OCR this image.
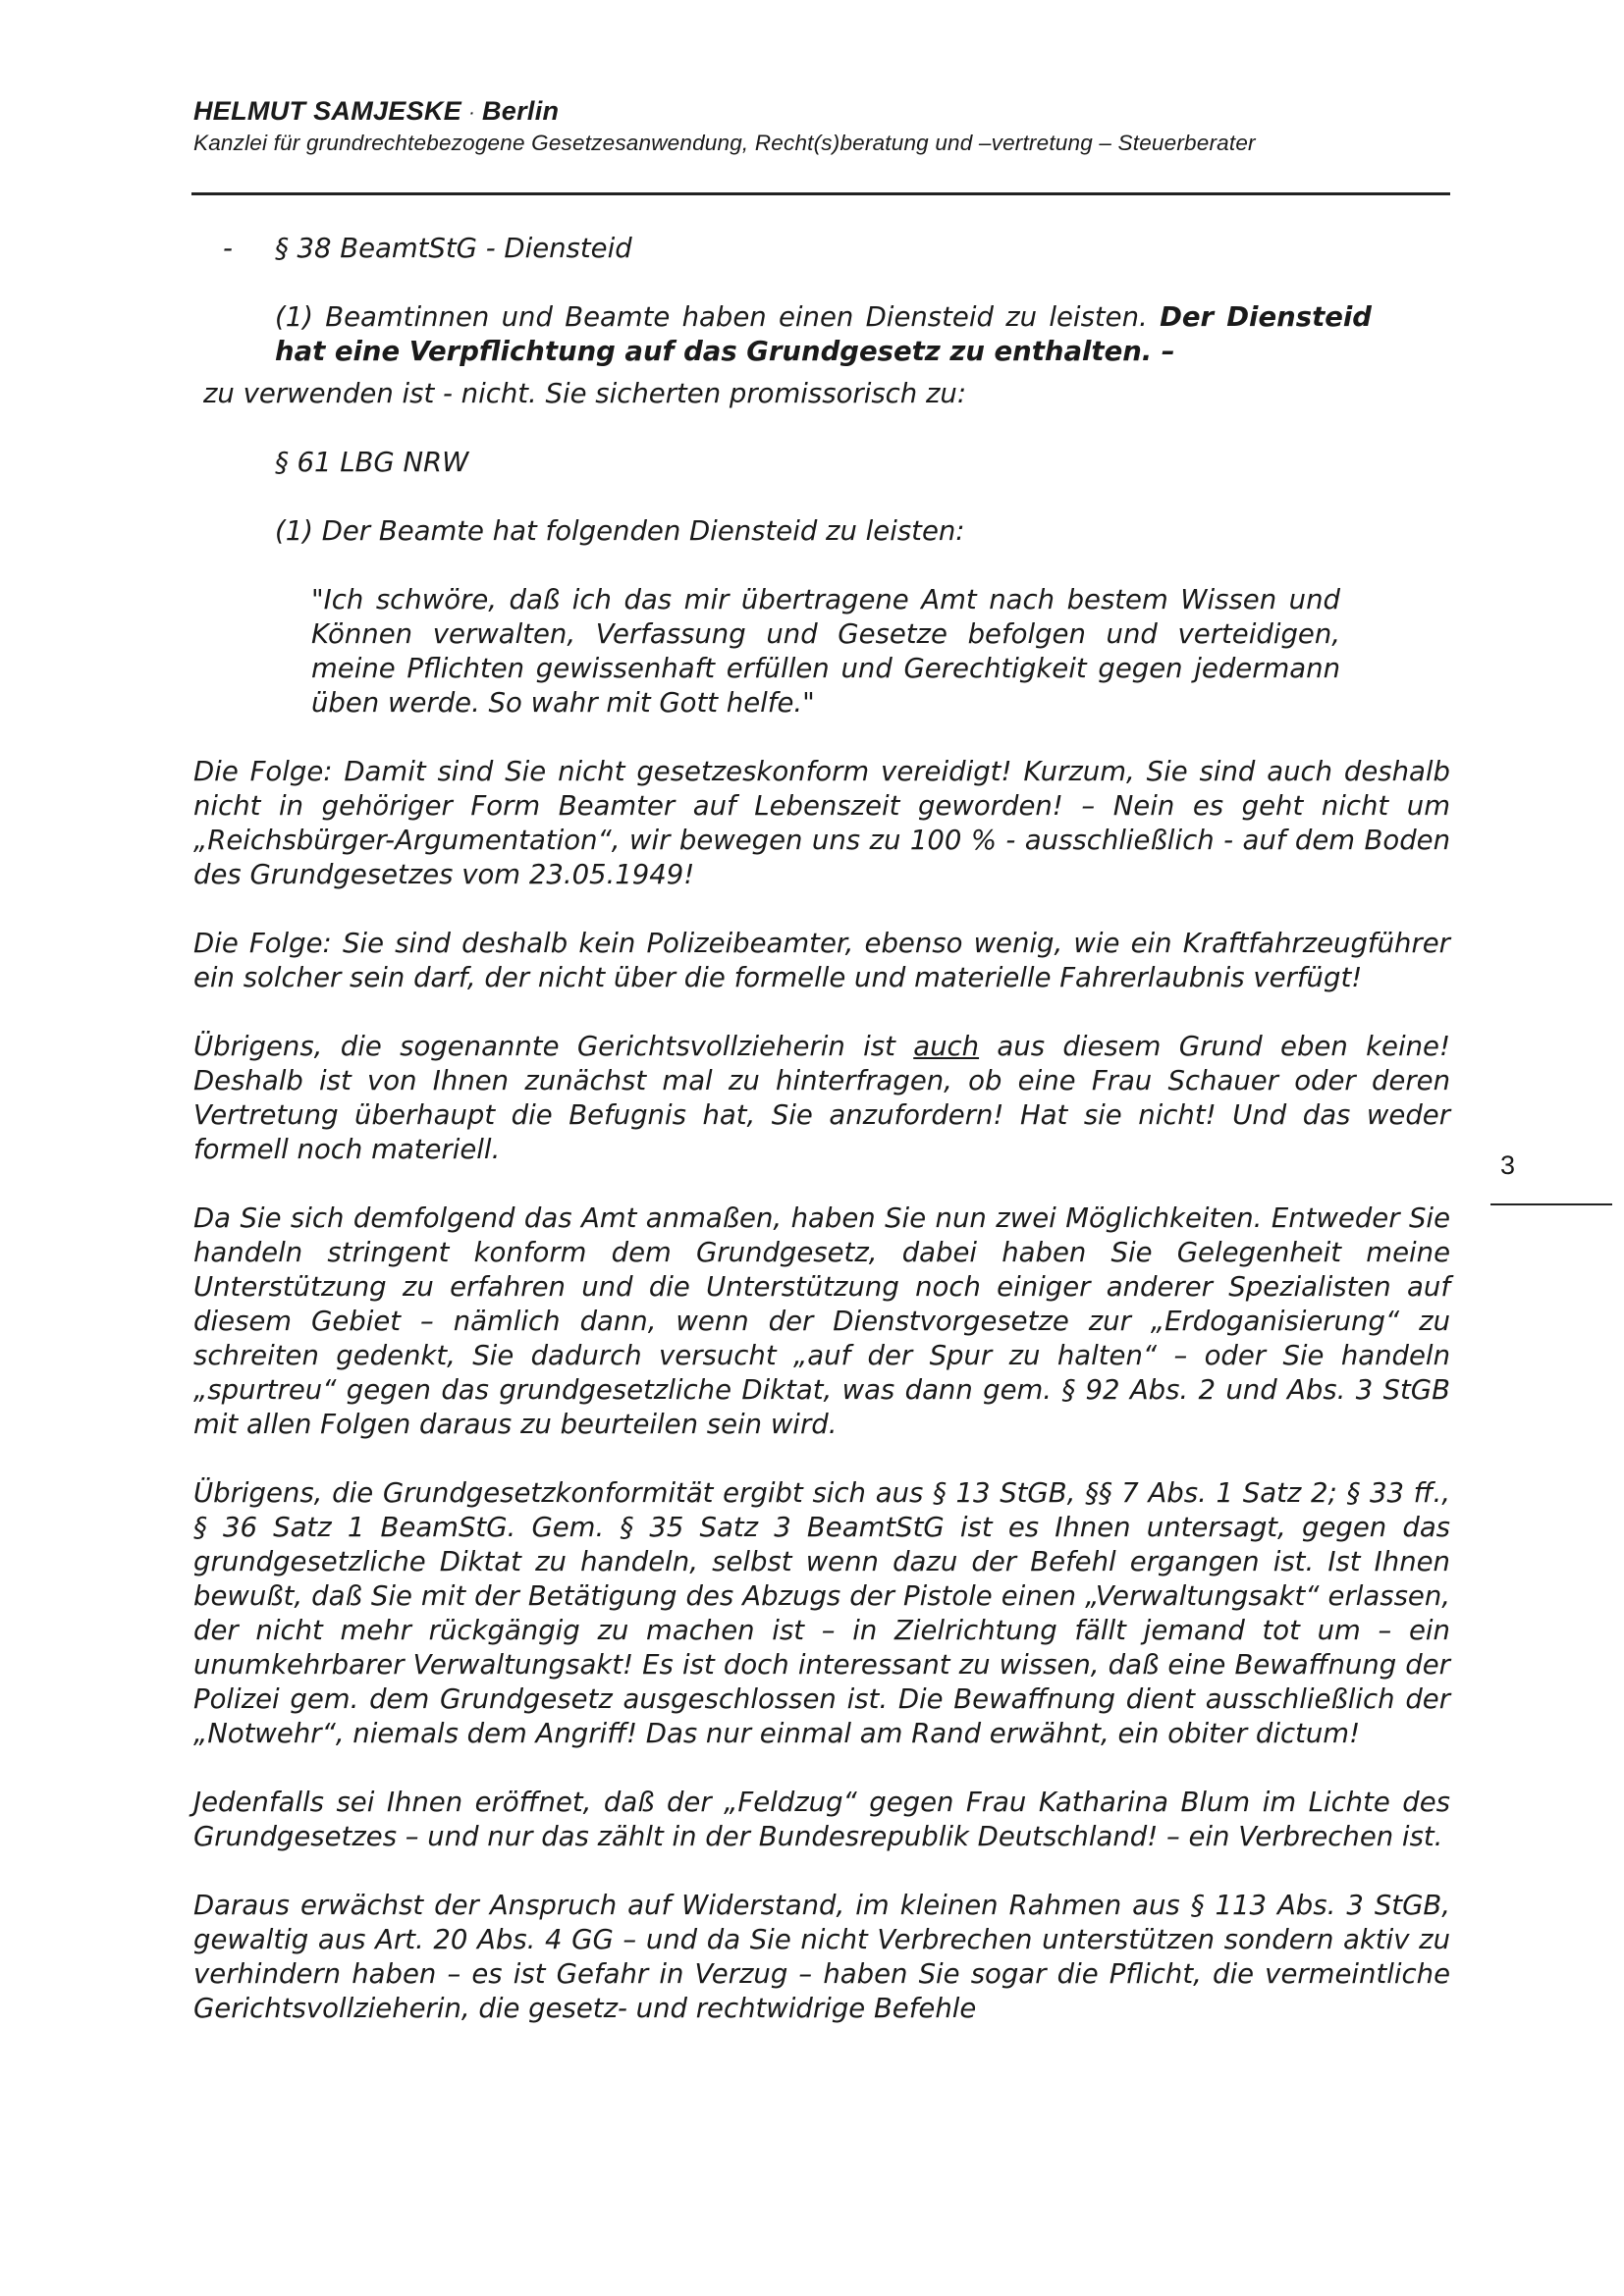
HELMUT SAMJESKE · Berlin
Kanzlei für grundrechtebezogene Gesetzesanwendung, Recht(s)beratung und –vertretung – Steuerberater
3

- § 38 BeamtStG - Diensteid

(1) Beamtinnen und Beamte haben einen Diensteid zu leisten. Der Diensteid hat eine Verpflichtung auf das Grundgesetz zu enthalten. –

zu verwenden ist - nicht. Sie sicherten promissorisch zu:

§ 61 LBG NRW

(1) Der Beamte hat folgenden Diensteid zu leisten:

"Ich schwöre, daß ich das mir übertragene Amt nach bestem Wissen und Können verwalten, Verfassung und Gesetze befolgen und verteidigen, meine Pflichten gewissenhaft erfüllen und Gerechtigkeit gegen jedermann üben werde. So wahr mit Gott helfe."

Die Folge: Damit sind Sie nicht gesetzeskonform vereidigt! Kurzum, Sie sind auch deshalb nicht in gehöriger Form Beamter auf Lebenszeit geworden! – Nein es geht nicht um „Reichsbürger-Argumentation“, wir bewegen uns zu 100 % - ausschließlich - auf dem Boden des Grundgesetzes vom 23.05.1949!

Die Folge: Sie sind deshalb kein Polizeibeamter, ebenso wenig, wie ein Kraftfahrzeugführer ein solcher sein darf, der nicht über die formelle und materielle Fahrerlaubnis verfügt!

Übrigens, die sogenannte Gerichtsvollzieherin ist auch aus diesem Grund eben keine! Deshalb ist von Ihnen zunächst mal zu hinterfragen, ob eine Frau Schauer oder deren Vertretung überhaupt die Befugnis hat, Sie anzufordern! Hat sie nicht! Und das weder formell noch materiell.

Da Sie sich demfolgend das Amt anmaßen, haben Sie nun zwei Möglichkeiten. Entweder Sie handeln stringent konform dem Grundgesetz, dabei haben Sie Gelegenheit meine Unterstützung zu erfahren und die Unterstützung noch einiger anderer Spezialisten auf diesem Gebiet – nämlich dann, wenn der Dienstvorgesetze zur „Erdoganisierung“ zu schreiten gedenkt, Sie dadurch versucht „auf der Spur zu halten“ – oder Sie handeln „spurtreu“ gegen das grundgesetzliche Diktat, was dann gem. § 92 Abs. 2 und Abs. 3 StGB mit allen Folgen daraus zu beurteilen sein wird.

Übrigens, die Grundgesetzkonformität ergibt sich aus § 13 StGB, §§ 7 Abs. 1 Satz 2; § 33 ff., § 36 Satz 1 BeamStG. Gem. § 35 Satz 3 BeamtStG ist es Ihnen untersagt, gegen das grundgesetzliche Diktat zu handeln, selbst wenn dazu der Befehl ergangen ist. Ist Ihnen bewußt, daß Sie mit der Betätigung des Abzugs der Pistole einen „Verwaltungsakt“ erlassen, der nicht mehr rückgängig zu machen ist – in Zielrichtung fällt jemand tot um – ein unumkehrbarer Verwaltungsakt! Es ist doch interessant zu wissen, daß eine Bewaffnung der Polizei gem. dem Grundgesetz ausgeschlossen ist. Die Bewaffnung dient ausschließlich der „Notwehr“, niemals dem Angriff! Das nur einmal am Rand erwähnt, ein obiter dictum!

Jedenfalls sei Ihnen eröffnet, daß der „Feldzug“ gegen Frau Katharina Blum im Lichte des Grundgesetzes – und nur das zählt in der Bundesrepublik Deutschland! – ein Verbrechen ist.

Daraus erwächst der Anspruch auf Widerstand, im kleinen Rahmen aus § 113 Abs. 3 StGB, gewaltig aus Art. 20 Abs. 4 GG – und da Sie nicht Verbrechen unterstützen sondern aktiv zu verhindern haben – es ist Gefahr in Verzug – haben Sie sogar die Pflicht, die vermeintliche Gerichtsvollzieherin, die gesetz- und rechtwidrige Befehle
